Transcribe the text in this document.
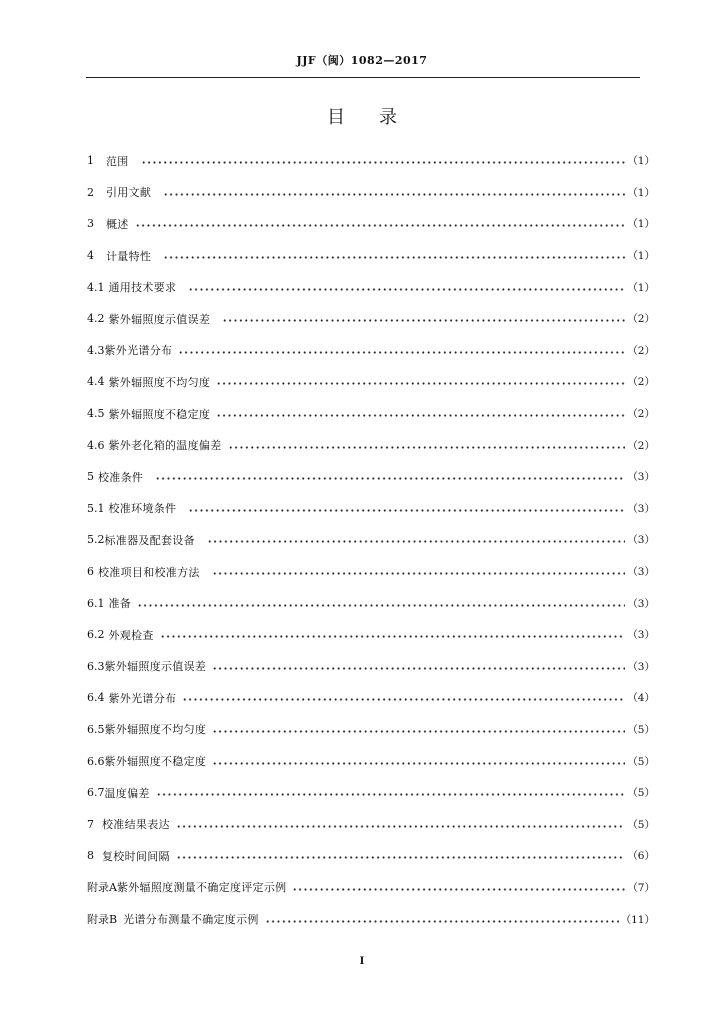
JJF（闽）1082—2017
目录
1 范围	（1）
2 引用文献	（1）
3 概述	（1）
4 计量特性	（1）
4.1 通用技术要求	（1）
4.2 紫外辐照度示值误差	（2）
4.3 紫外光谱分布	（2）
4.4 紫外辐照度不均匀度	（2）
4.5 紫外辐照度不稳定度	（2）
4.6 紫外老化箱的温度偏差	（2）
5 校准条件	（3）
5.1 校准环境条件	（3）
5.2 标准器及配套设备	（3）
6 校准项目和校准方法	（3）
6.1 准备	（3）
6.2 外观检查	（3）
6.3 紫外辐照度示值误差	（3）
6.4 紫外光谱分布	（4）
6.5 紫外辐照度不均匀度	（5）
6.6 紫外辐照度不稳定度	（5）
6.7 温度偏差	（5）
7 校准结果表达	（5）
8 复校时间间隔	（6）
附录A 紫外辐照度测量不确定度评定示例	（7）
附录B 光谱分布测量不确定度示例	（11）
I
